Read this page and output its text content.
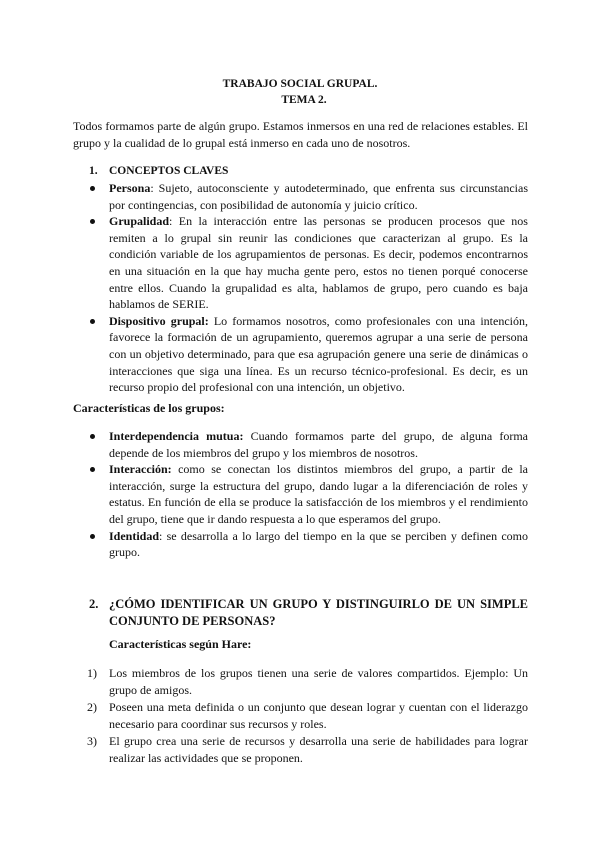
TRABAJO SOCIAL GRUPAL.
TEMA 2.
Todos formamos parte de algún grupo. Estamos inmersos en una red de relaciones estables. El grupo y la cualidad de lo grupal está inmerso en cada uno de nosotros.
1. CONCEPTOS CLAVES
Persona: Sujeto, autoconsciente y autodeterminado, que enfrenta sus circunstancias por contingencias, con posibilidad de autonomía y juicio crítico.
Grupalidad: En la interacción entre las personas se producen procesos que nos remiten a lo grupal sin reunir las condiciones que caracterizan al grupo. Es la condición variable de los agrupamientos de personas. Es decir, podemos encontrarnos en una situación en la que hay mucha gente pero, estos no tienen porqué conocerse entre ellos. Cuando la grupalidad es alta, hablamos de grupo, pero cuando es baja hablamos de SERIE.
Dispositivo grupal: Lo formamos nosotros, como profesionales con una intención, favorece la formación de un agrupamiento, queremos agrupar a una serie de persona con un objetivo determinado, para que esa agrupación genere una serie de dinámicas o interacciones que siga una línea. Es un recurso técnico-profesional. Es decir, es un recurso propio del profesional con una intención, un objetivo.
Características de los grupos:
Interdependencia mutua: Cuando formamos parte del grupo, de alguna forma depende de los miembros del grupo y los miembros de nosotros.
Interacción: como se conectan los distintos miembros del grupo, a partir de la interacción, surge la estructura del grupo, dando lugar a la diferenciación de roles y estatus. En función de ella se produce la satisfacción de los miembros y el rendimiento del grupo, tiene que ir dando respuesta a lo que esperamos del grupo.
Identidad: se desarrolla a lo largo del tiempo en la que se perciben y definen como grupo.
2. ¿CÓMO IDENTIFICAR UN GRUPO Y DISTINGUIRLO DE UN SIMPLE CONJUNTO DE PERSONAS?
Características según Hare:
1)	Los miembros de los grupos tienen una serie de valores compartidos. Ejemplo: Un grupo de amigos.
2)	Poseen una meta definida o un conjunto que desean lograr y cuentan con el liderazgo necesario para coordinar sus recursos y roles.
3)	El grupo crea una serie de recursos y desarrolla una serie de habilidades para lograr realizar las actividades que se proponen.
